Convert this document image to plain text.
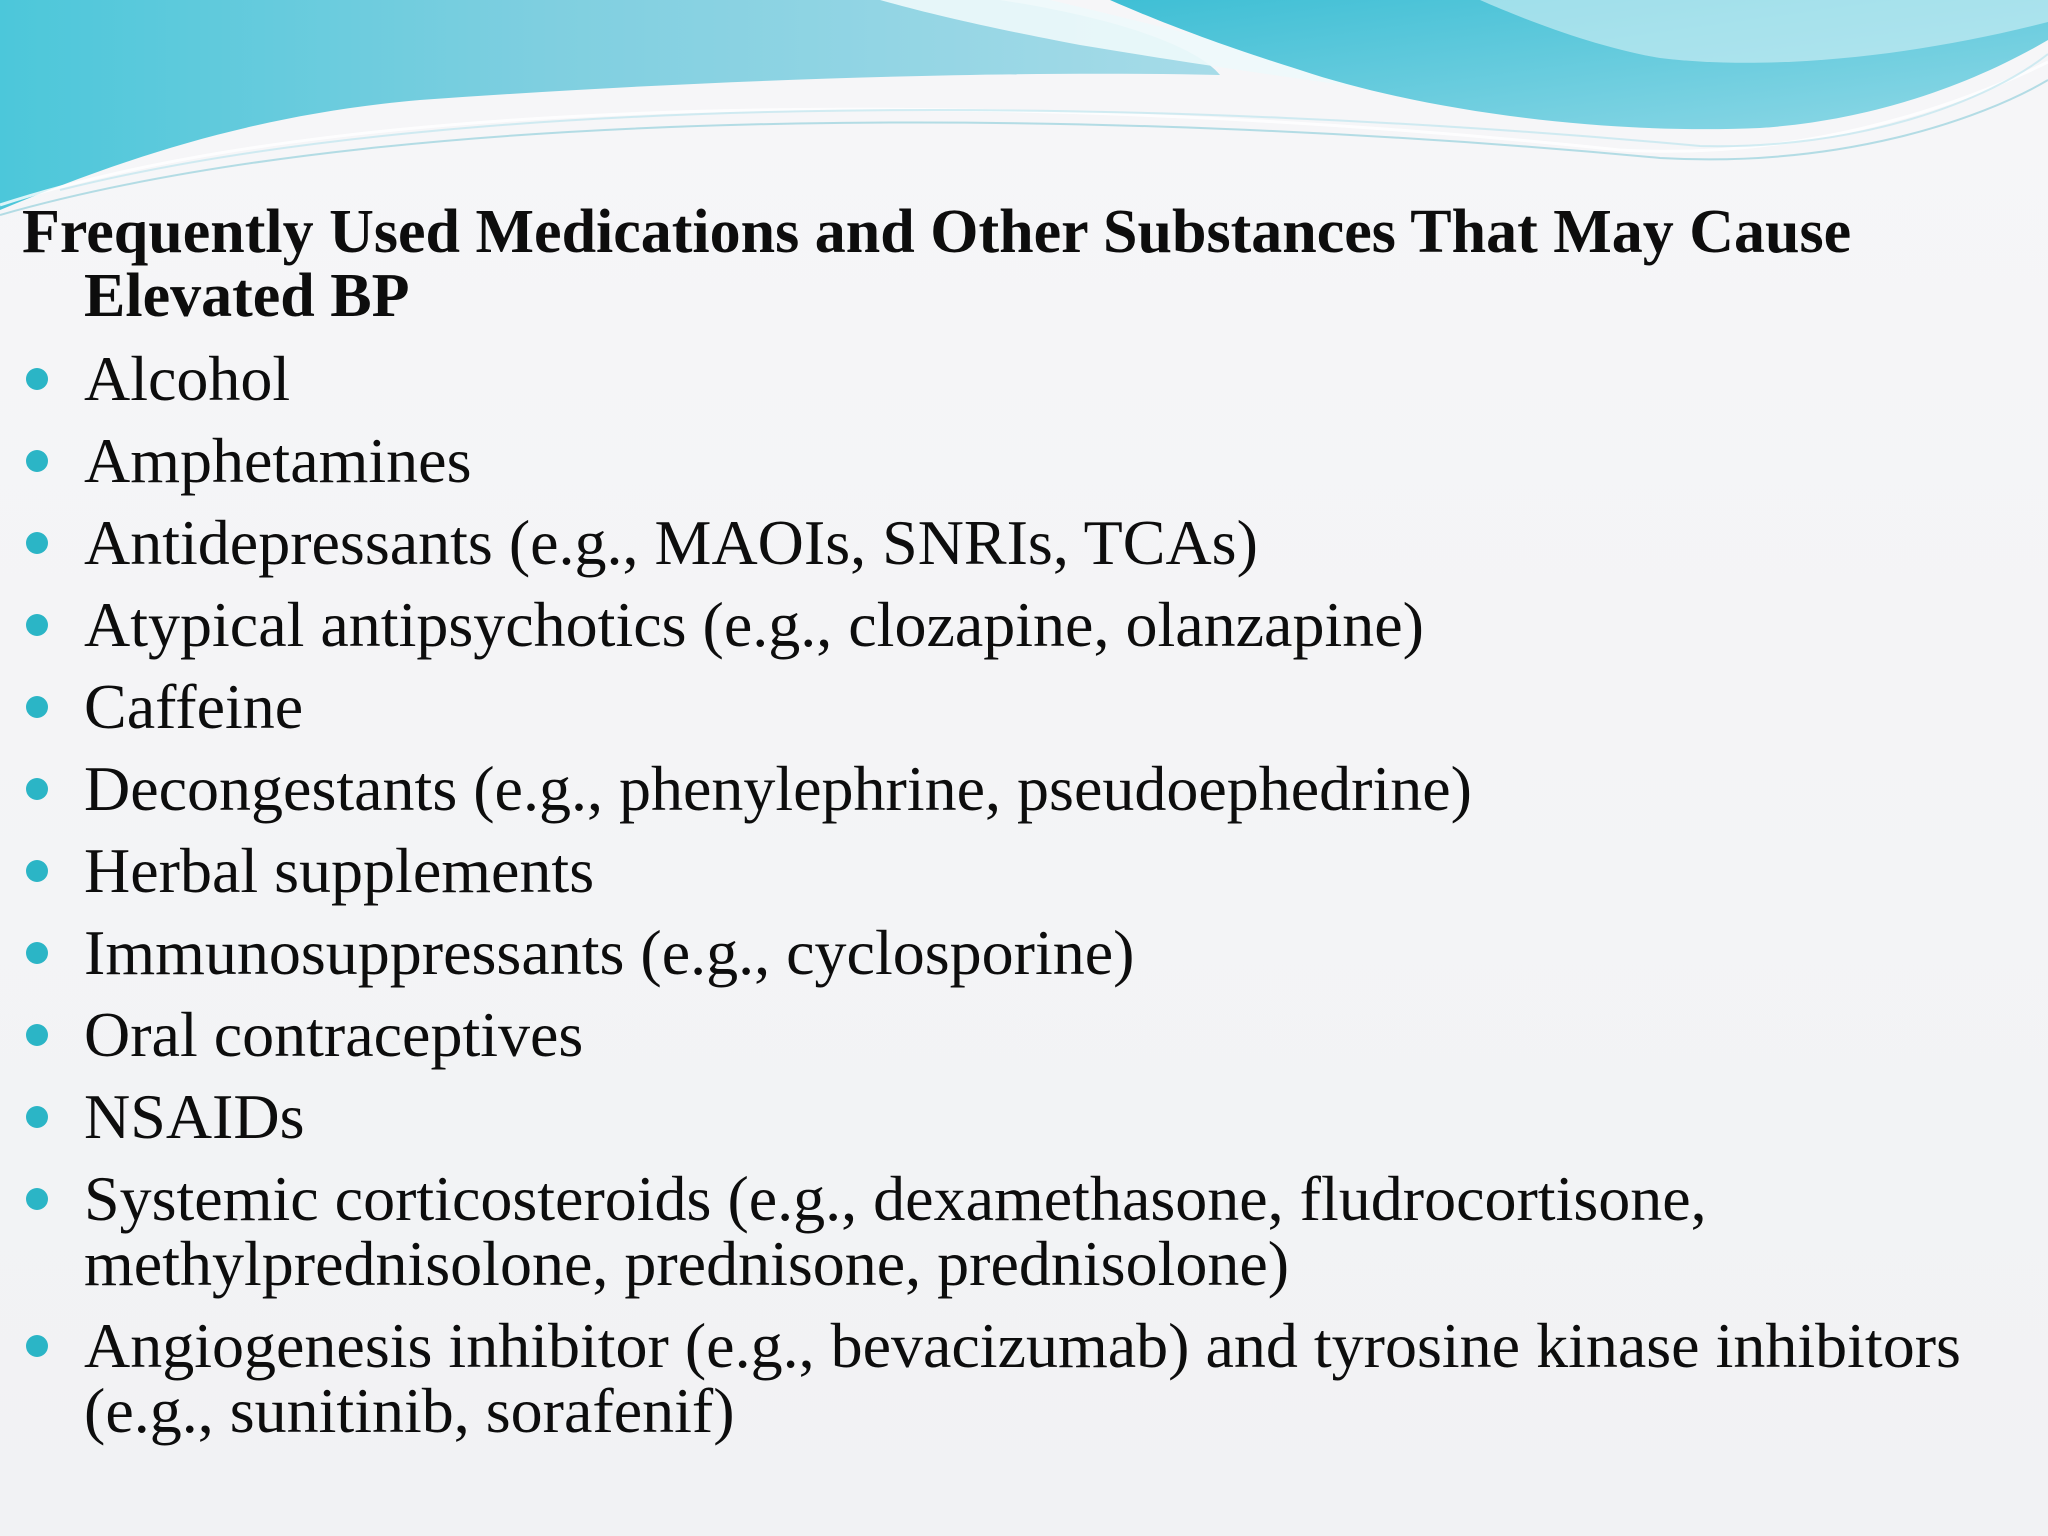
Frequently Used Medications and Other Substances That May Cause Elevated BP

Alcohol
Amphetamines
Antidepressants (e.g., MAOIs, SNRIs, TCAs)
Atypical antipsychotics (e.g., clozapine, olanzapine)
Caffeine
Decongestants (e.g., phenylephrine, pseudoephedrine)
Herbal supplements
Immunosuppressants (e.g., cyclosporine)
Oral contraceptives
NSAIDs
Systemic corticosteroids (e.g., dexamethasone, fludrocortisone, methylprednisolone, prednisone, prednisolone)
Angiogenesis inhibitor (e.g., bevacizumab) and tyrosine kinase inhibitors (e.g., sunitinib, sorafenif)
